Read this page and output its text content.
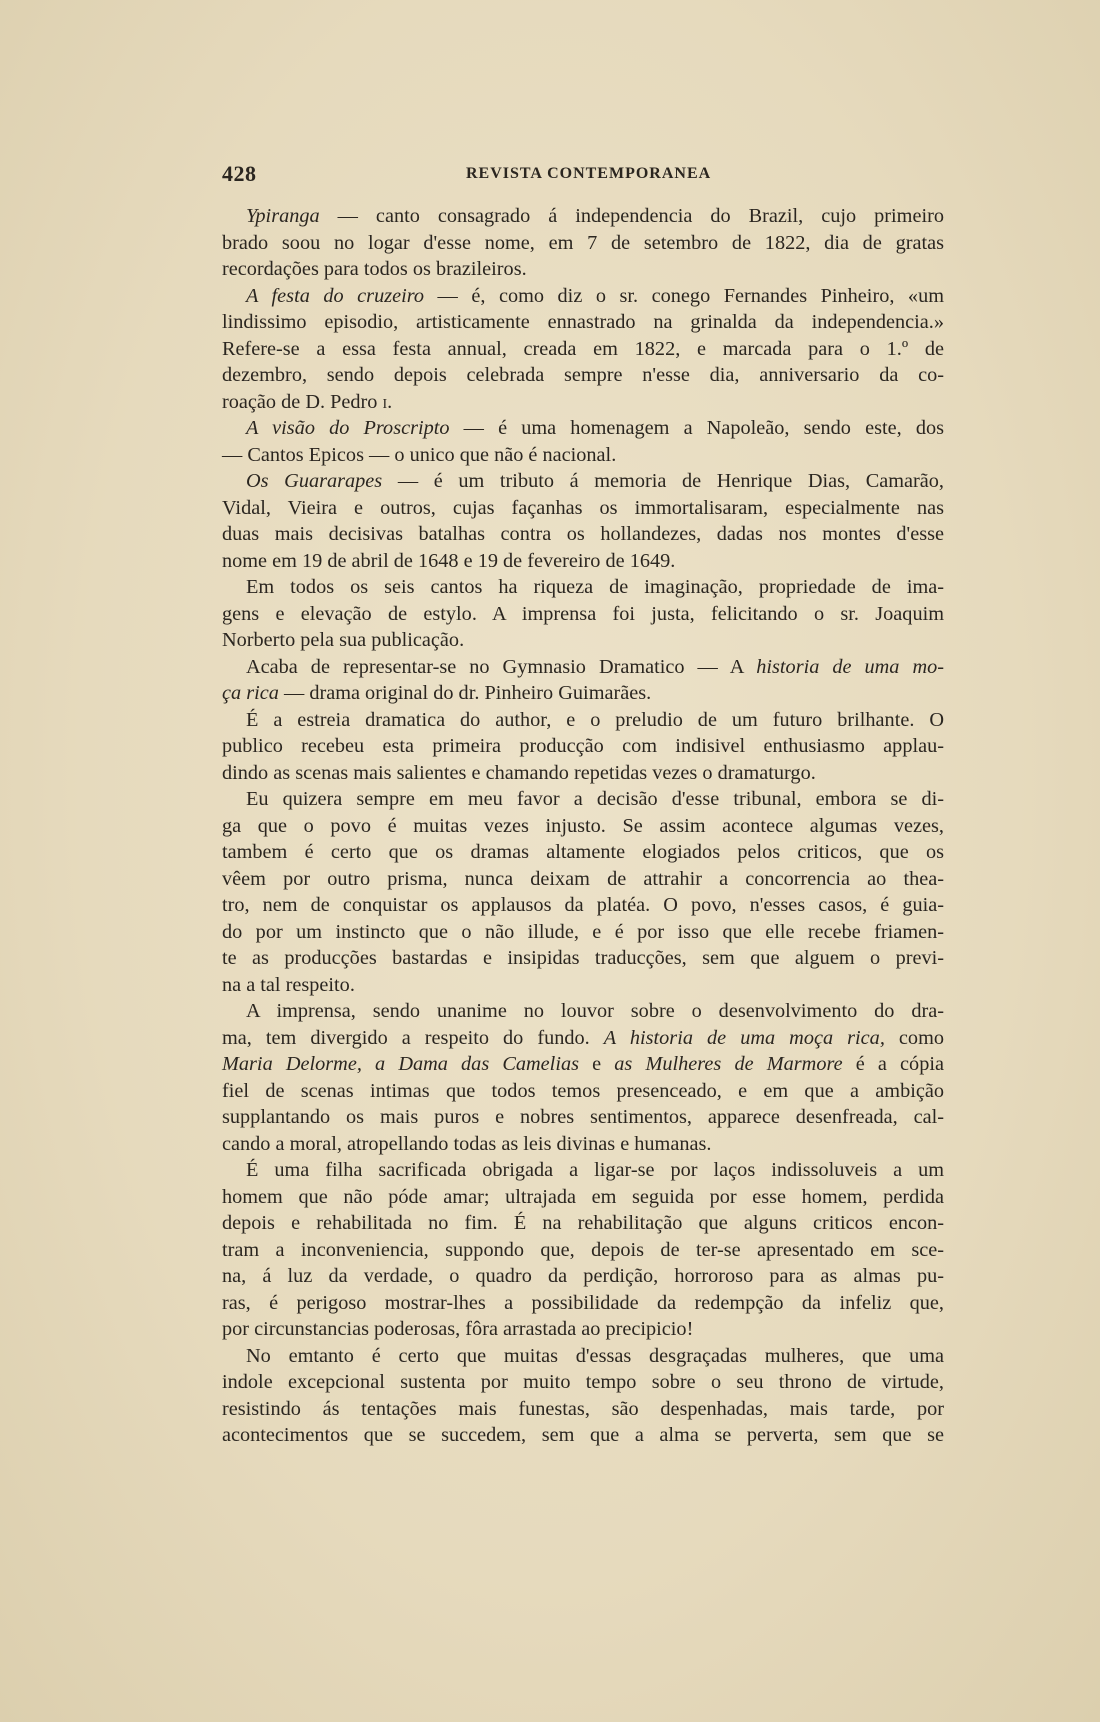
428	REVISTA CONTEMPORANEA
Ypiranga — canto consagrado á independencia do Brazil, cujo primeiro
brado soou no logar d'esse nome, em 7 de setembro de 1822, dia de gratas
recordações para todos os brazileiros.
A festa do cruzeiro — é, como diz o sr. conego Fernandes Pinheiro, «um
lindissimo episodio, artisticamente ennastrado na grinalda da independencia.»
Refere-se a essa festa annual, creada em 1822, e marcada para o 1.º de
dezembro, sendo depois celebrada sempre n'esse dia, anniversario da co-
roação de D. Pedro i.
A visão do Proscripto — é uma homenagem a Napoleão, sendo este, dos
— Cantos Epicos — o unico que não é nacional.
Os Guararapes — é um tributo á memoria de Henrique Dias, Camarão,
Vidal, Vieira e outros, cujas façanhas os immortalisaram, especialmente nas
duas mais decisivas batalhas contra os hollandezes, dadas nos montes d'esse
nome em 19 de abril de 1648 e 19 de fevereiro de 1649.
Em todos os seis cantos ha riqueza de imaginação, propriedade de ima-
gens e elevação de estylo. A imprensa foi justa, felicitando o sr. Joaquim
Norberto pela sua publicação.
Acaba de representar-se no Gymnasio Dramatico — A historia de uma mo-
ça rica — drama original do dr. Pinheiro Guimarães.
É a estreia dramatica do author, e o preludio de um futuro brilhante. O
publico recebeu esta primeira producção com indisivel enthusiasmo applau-
dindo as scenas mais salientes e chamando repetidas vezes o dramaturgo.
Eu quizera sempre em meu favor a decisão d'esse tribunal, embora se di-
ga que o povo é muitas vezes injusto. Se assim acontece algumas vezes,
tambem é certo que os dramas altamente elogiados pelos criticos, que os
vêem por outro prisma, nunca deixam de attrahir a concorrencia ao thea-
tro, nem de conquistar os applausos da platéa. O povo, n'esses casos, é guia-
do por um instincto que o não illude, e é por isso que elle recebe friamen-
te as producções bastardas e insipidas traducções, sem que alguem o previ-
na a tal respeito.
A imprensa, sendo unanime no louvor sobre o desenvolvimento do dra-
ma, tem divergido a respeito do fundo. A historia de uma moça rica, como
Maria Delorme, a Dama das Camelias e as Mulheres de Marmore é a cópia
fiel de scenas intimas que todos temos presenceado, e em que a ambição
supplantando os mais puros e nobres sentimentos, apparece desenfreada, cal-
cando a moral, atropellando todas as leis divinas e humanas.
É uma filha sacrificada obrigada a ligar-se por laços indissoluveis a um
homem que não póde amar; ultrajada em seguida por esse homem, perdida
depois e rehabilitada no fim. É na rehabilitação que alguns criticos encon-
tram a inconveniencia, suppondo que, depois de ter-se apresentado em sce-
na, á luz da verdade, o quadro da perdição, horroroso para as almas pu-
ras, é perigoso mostrar-lhes a possibilidade da redempção da infeliz que,
por circunstancias poderosas, fôra arrastada ao precipicio!
No emtanto é certo que muitas d'essas desgraçadas mulheres, que uma
indole excepcional sustenta por muito tempo sobre o seu throno de virtude,
resistindo ás tentações mais funestas, são despenhadas, mais tarde, por
acontecimentos que se succedem, sem que a alma se perverta, sem que se
